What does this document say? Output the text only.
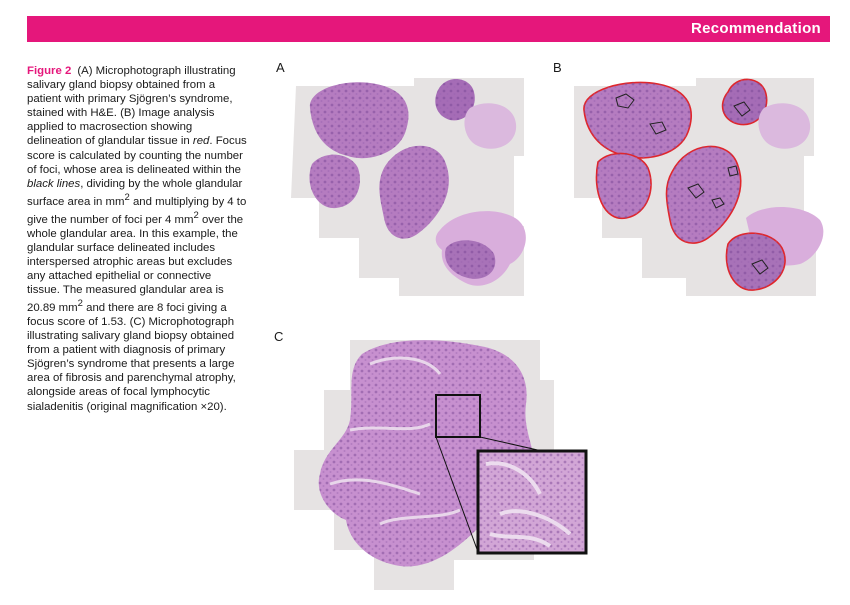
Recommendation
Figure 2 (A) Microphotograph illustrating salivary gland biopsy obtained from a patient with primary Sjögren’s syndrome, stained with H&E. (B) Image analysis applied to macrosection showing delineation of glandular tissue in red. Focus score is calculated by counting the number of foci, whose area is delineated within the black lines, dividing by the whole glandular surface area in $mm^2$ and multiplying by 4 to give the number of foci per 4 $mm^2$ over the whole glandular area. In this example, the glandular surface delineated includes interspersed atrophic areas but excludes any attached epithelial or connective tissue. The measured glandular area is 20.89 $mm^2$ and there are 8 foci giving a focus score of 1.53. (C) Microphotograph illustrating salivary gland biopsy obtained from a patient with diagnosis of primary Sjögren’s syndrome that presents a large area of fibrosis and parenchymal atrophy, alongside areas of focal lymphocytic sialadenitis (original magnification ×20).
A	B
C
